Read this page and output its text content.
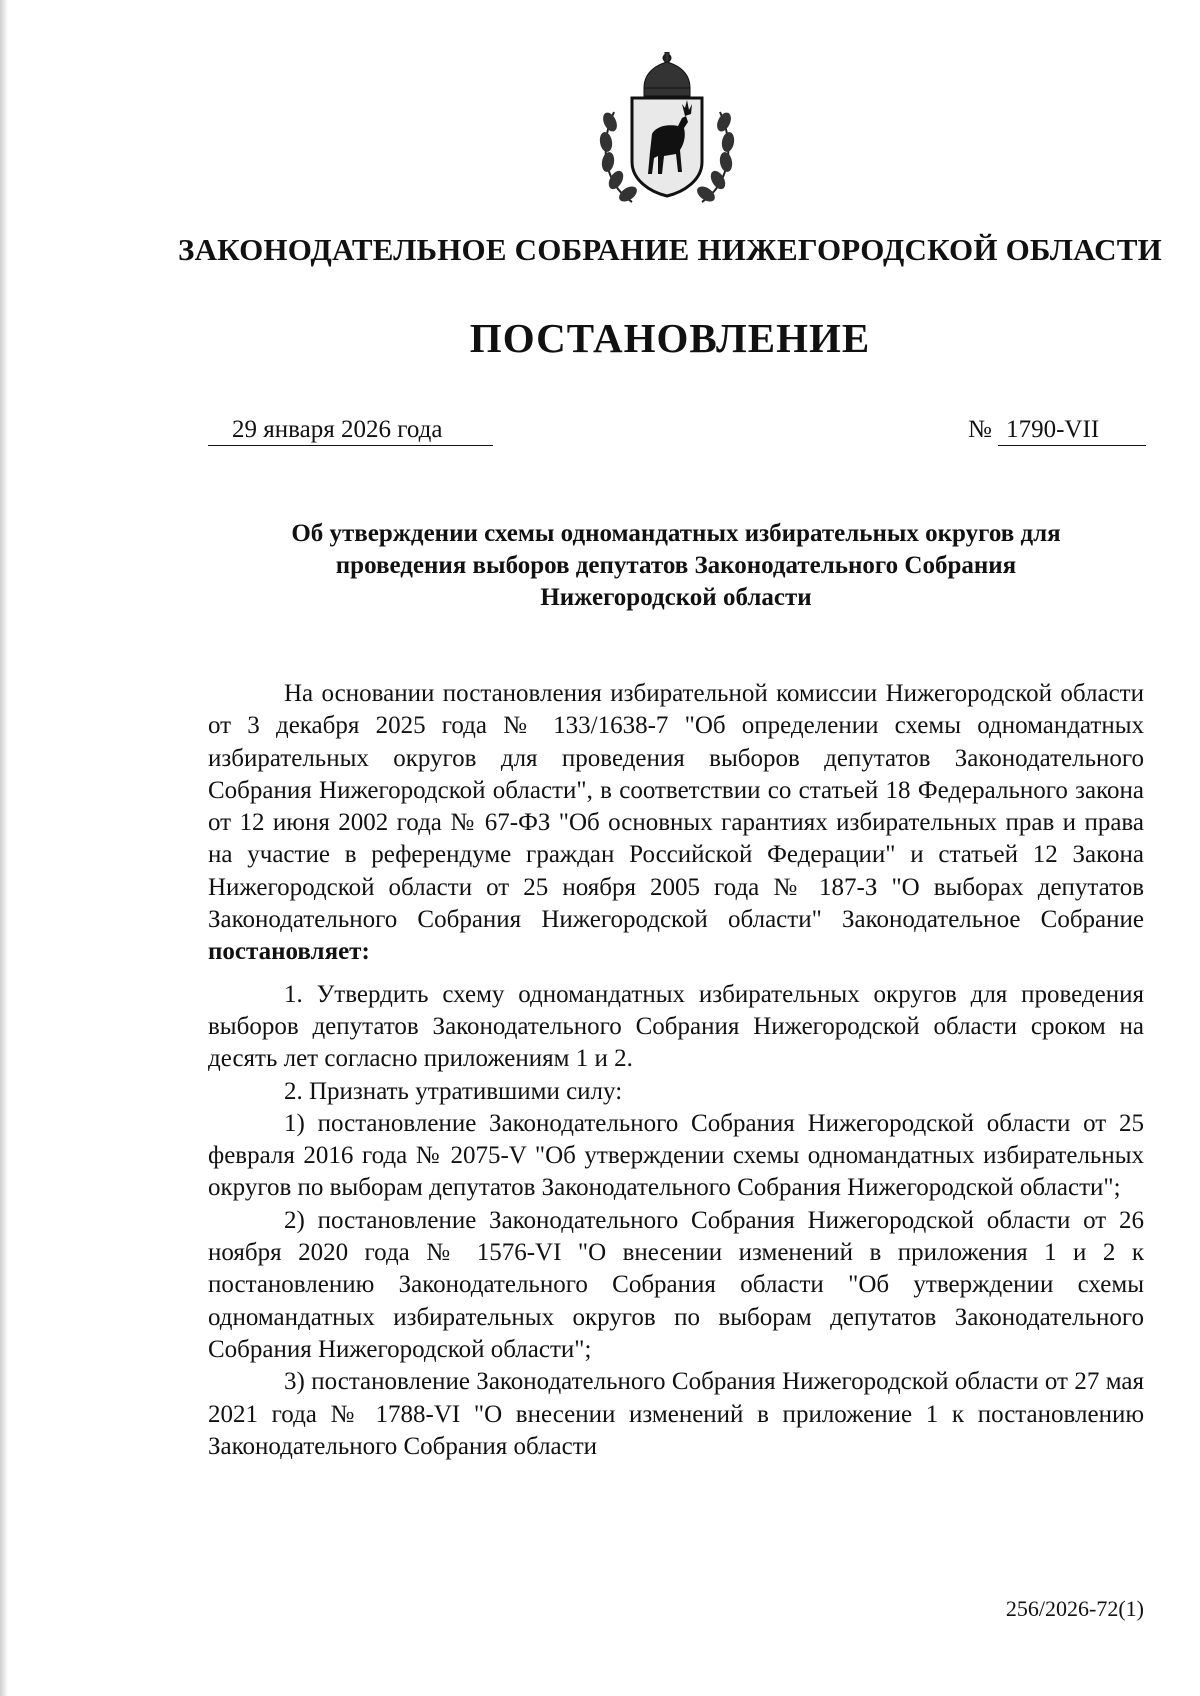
ЗАКОНОДАТЕЛЬНОЕ СОБРАНИЕ НИЖЕГОРОДСКОЙ ОБЛАСТИ
ПОСТАНОВЛЕНИЕ
29 января 2026 года	№ 1790-VII
Об утверждении схемы одномандатных избирательных округов для
проведения выборов депутатов Законодательного Собрания
Нижегородской области

На основании постановления избирательной комиссии Нижегородской области от 3 декабря 2025 года № 133/1638-7 "Об определении схемы одномандатных избирательных округов для проведения выборов депутатов Законодательного Собрания Нижегородской области", в соответствии со статьей 18 Федерального закона от 12 июня 2002 года № 67-ФЗ "Об основных гарантиях избирательных прав и права на участие в референдуме граждан Российской Федерации" и статьей 12 Закона Нижегородской области от 25 ноября 2005 года № 187-З "О выборах депутатов Законодательного Собрания Нижегородской области" Законодательное Собрание постановляет:

1. Утвердить схему одномандатных избирательных округов для проведения выборов депутатов Законодательного Собрания Нижегородской области сроком на десять лет согласно приложениям 1 и 2.

2. Признать утратившими силу:

1) постановление Законодательного Собрания Нижегородской области от 25 февраля 2016 года № 2075-V "Об утверждении схемы одномандатных избирательных округов по выборам депутатов Законодательного Собрания Нижегородской области";

2) постановление Законодательного Собрания Нижегородской области от 26 ноября 2020 года № 1576-VI "О внесении изменений в приложения 1 и 2 к постановлению Законодательного Собрания области "Об утверждении схемы одномандатных избирательных округов по выборам депутатов Законодательного Собрания Нижегородской области";

3) постановление Законодательного Собрания Нижегородской области от 27 мая 2021 года № 1788-VI "О внесении изменений в приложение 1 к постановлению Законодательного Собрания области

256/2026-72(1)
